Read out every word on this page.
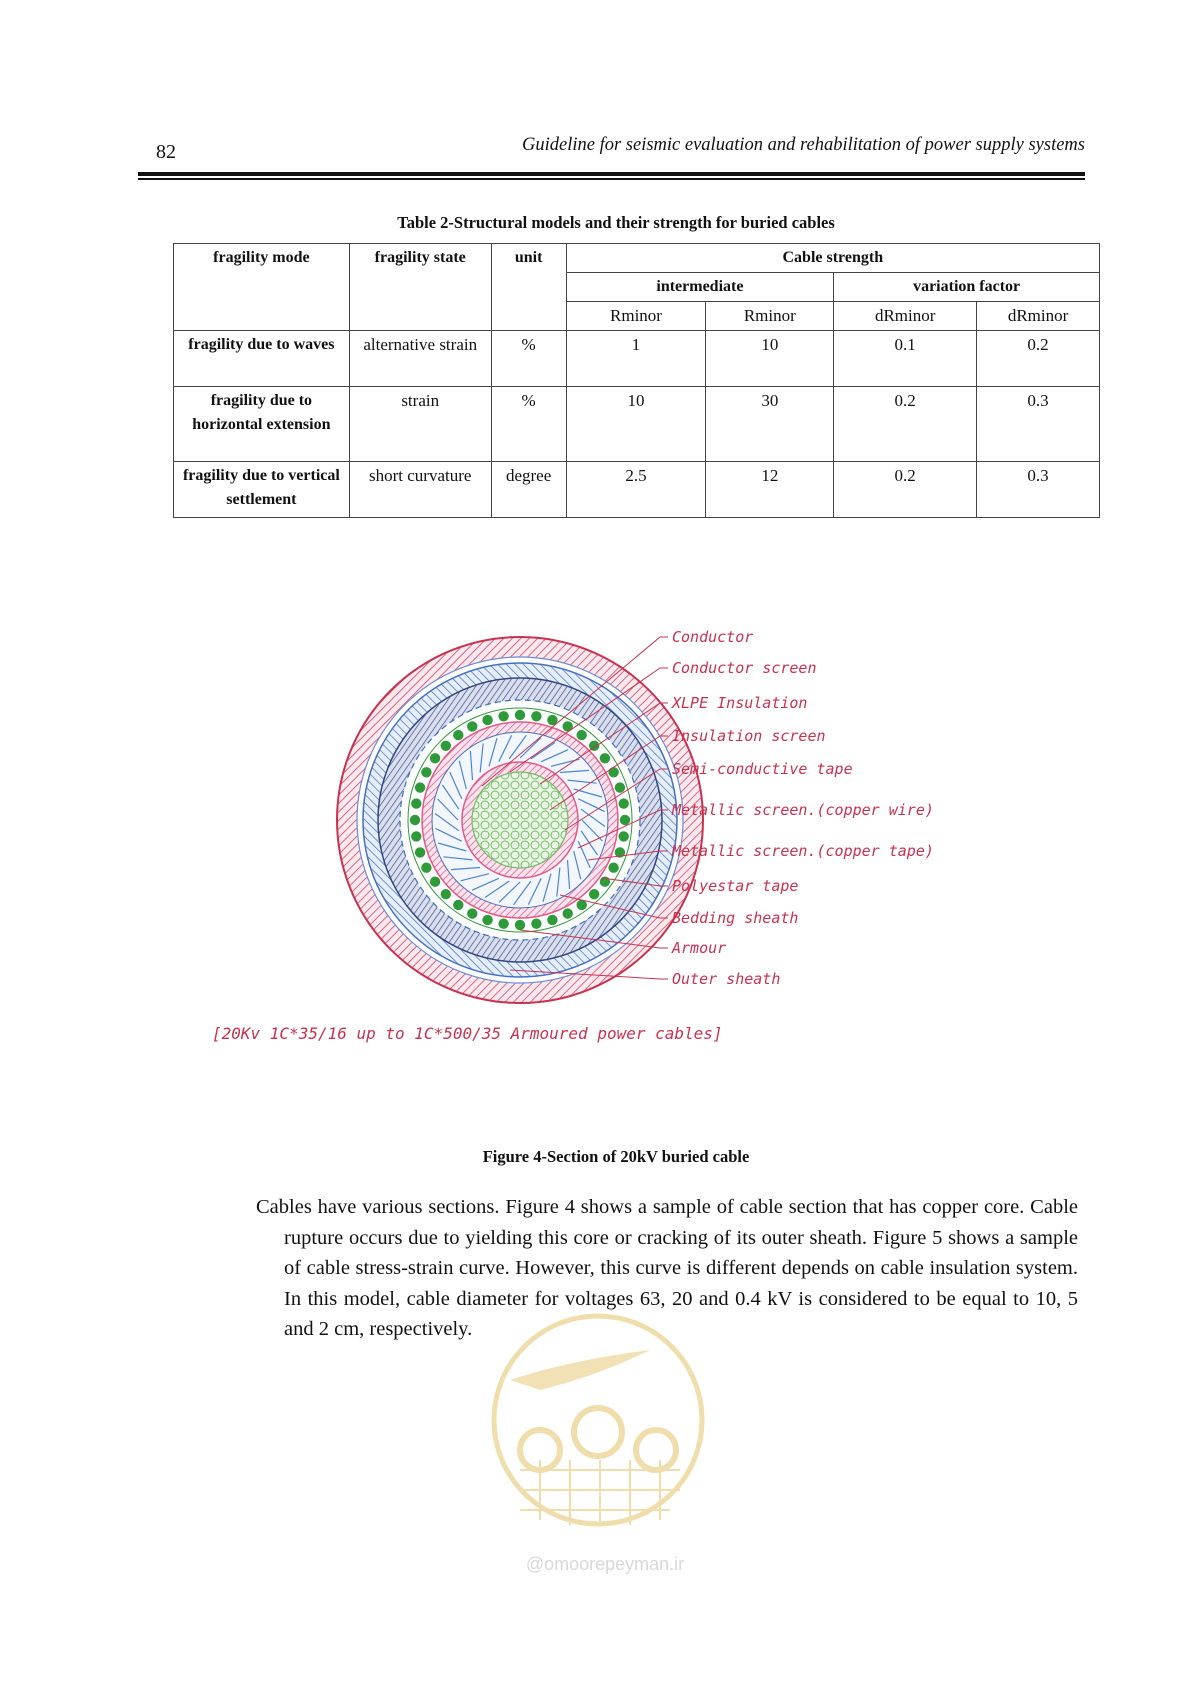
82	Guideline for seismic evaluation and rehabilitation of power supply systems
Table 2-Structural models and their strength for buried cables
fragility mode	fragility state	unit	Cable strength			
			intermediate		variation factor	
			Rminor	Rminor	dRminor	dRminor
fragility due to waves	alternative strain	%	1	10	0.1	0.2
fragility due to horizontal extension	strain	%	10	30	0.2	0.3
fragility due to vertical settlement	short curvature	degree	2.5	12	0.2	0.3
Conductor
Conductor screen
XLPE Insulation
Insulation screen
Semi-conductive tape
Metallic screen.(copper wire)
Metallic screen.(copper tape)
Polyestar tape
Bedding sheath
Armour
Outer sheath
[20Kv 1C*35/16 up to 1C*500/35 Armoured power cables]
Figure 4-Section of 20kV buried cable

Cables have various sections. Figure 4 shows a sample of cable section that has copper core. Cable rupture occurs due to yielding this core or cracking of its outer sheath. Figure 5 shows a sample of cable stress-strain curve. However, this curve is different depends on cable insulation system. In this model, cable diameter for voltages 63, 20 and 0.4 kV is considered to be equal to 10, 5 and 2 cm, respectively.

@omoorepeyman.ir
